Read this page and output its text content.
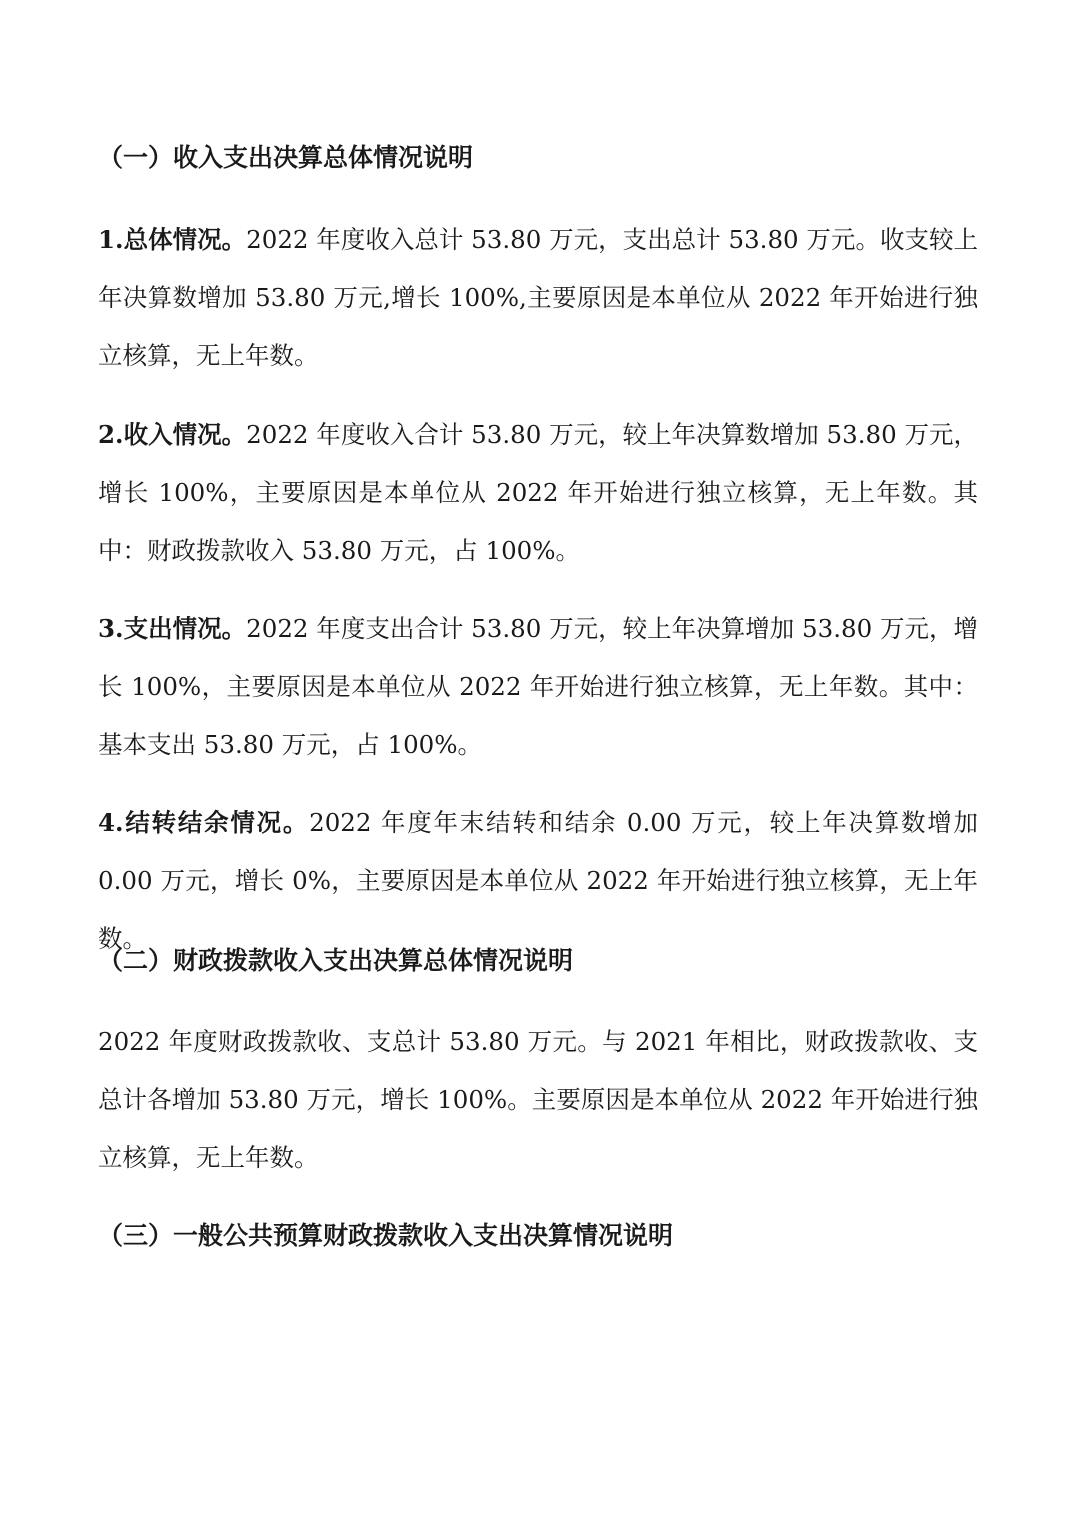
（一）收入支出决算总体情况说明
1.总体情况。2022 年度收入总计 53.80 万元，支出总计 53.80 万元。收支较上年决算数增加 53.80 万元,增长 100%,主要原因是本单位从 2022 年开始进行独立核算，无上年数。
2.收入情况。2022 年度收入合计 53.80 万元，较上年决算数增加 53.80 万元，增长 100%，主要原因是本单位从 2022 年开始进行独立核算，无上年数。其中：财政拨款收入 53.80 万元，占 100%。
3.支出情况。2022 年度支出合计 53.80 万元，较上年决算增加 53.80 万元，增长 100%，主要原因是本单位从 2022 年开始进行独立核算，无上年数。其中：基本支出 53.80 万元，占 100%。
4.结转结余情况。2022 年度年末结转和结余 0.00 万元，较上年决算数增加 0.00 万元，增长 0%，主要原因是本单位从 2022 年开始进行独立核算，无上年数。
（二）财政拨款收入支出决算总体情况说明
2022 年度财政拨款收、支总计 53.80 万元。与 2021 年相比，财政拨款收、支总计各增加 53.80 万元，增长 100%。主要原因是本单位从 2022 年开始进行独立核算，无上年数。
（三）一般公共预算财政拨款收入支出决算情况说明
